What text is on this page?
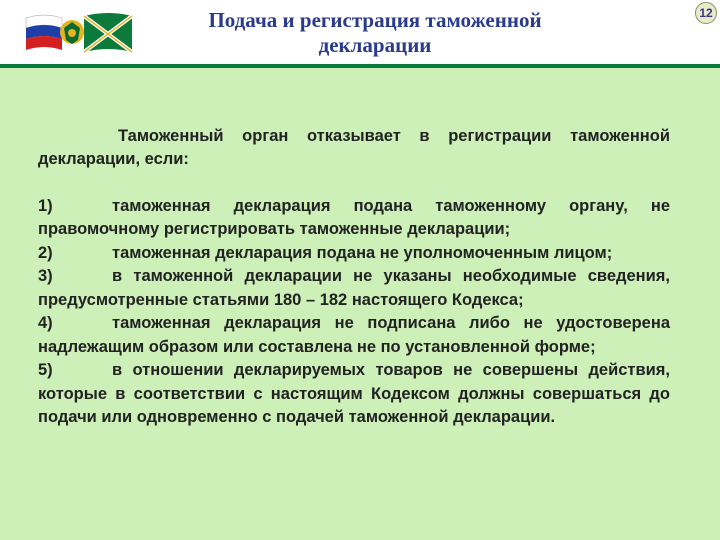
Подача и регистрация таможенной декларации
12

Таможенный орган отказывает в регистрации таможенной декларации, если:

1)	таможенная декларация подана таможенному органу, не правомочному регистрировать таможенные декларации;

2)	таможенная декларация подана не уполномоченным лицом;

3)	в таможенной декларации не указаны необходимые сведения, предусмотренные статьями 180 – 182 настоящего Кодекса;

4)	таможенная декларация не подписана либо не удостоверена надлежащим образом или составлена не по установленной форме;

5)	в отношении декларируемых товаров не совершены действия, которые в соответствии с настоящим Кодексом должны совершаться до подачи или одновременно с подачей таможенной декларации.
